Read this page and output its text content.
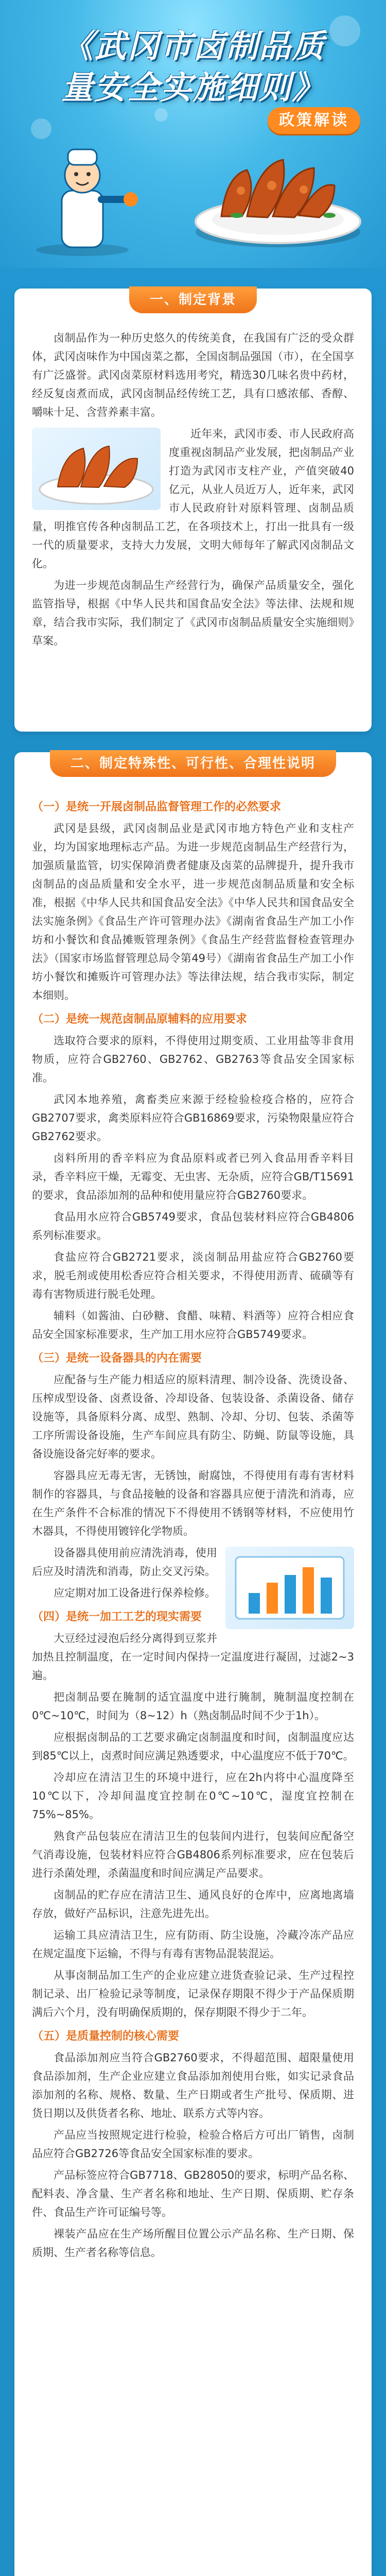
《武冈市卤制品质
量安全实施细则》
政策解读
一、制定背景

卤制品作为一种历史悠久的传统美食，在我国有广泛的受众群体，武冈卤味作为中国卤菜之都，全国卤制品强国（市），在全国享有广泛盛誉。武冈卤菜原材料选用考究，精选30几味名贵中药材，经反复卤煮而成，武冈卤制品经传统工艺，具有口感浓郁、香醇、嚼味十足、含营养素丰富。

近年来，武冈市委、市人民政府高度重视卤制品产业发展，把卤制品产业打造为武冈市支柱产业，产值突破40亿元，从业人员近万人，近年来，武冈市人民政府针对原料管理、卤制品质量，明推官传各种卤制品工艺，在各项技术上，打出一批具有一级一代的质量要求，支持大力发展，文明大师每年了解武冈卤制品文化。

为进一步规范卤制品生产经营行为，确保产品质量安全，强化监管指导，根据《中华人民共和国食品安全法》等法律、法规和规章，结合我市实际，我们制定了《武冈市卤制品质量安全实施细则》草案。

二、制定特殊性、可行性、合理性说明
（一）是统一开展卤制品监督管理工作的必然要求

武冈是县级，武冈卤制品业是武冈市地方特色产业和支柱产业，均为国家地理标志产品。为进一步规范卤制品生产经营行为，加强质量监管，切实保障消费者健康及卤菜的品牌提升，提升我市卤制品的卤品质量和安全水平，进一步规范卤制品质量和安全标准，根据《中华人民共和国食品安全法》《中华人民共和国食品安全法实施条例》《食品生产许可管理办法》《湖南省食品生产加工小作坊和小餐饮和食品摊贩管理条例》《食品生产经营监督检查管理办法》（国家市场监督管理总局令第49号）《湖南省食品生产加工小作坊小餐饮和摊贩许可管理办法》等法律法规，结合我市实际，制定本细则。

（二）是统一规范卤制品原辅料的应用要求

选取符合要求的原料，不得使用过期变质、工业用盐等非食用物质，应符合GB2760、GB2762、GB2763等食品安全国家标准。

武冈本地养殖，禽畜类应来源于经检验检疫合格的，应符合GB2707要求，禽类原料应符合GB16869要求，污染物限量应符合GB2762要求。

卤料所用的香辛料应为食品原料或者已列入食品用香辛料目录，香辛料应干燥，无霉变、无虫害、无杂质，应符合GB/T15691的要求，食品添加剂的品种和使用量应符合GB2760要求。

食品用水应符合GB5749要求，食品包装材料应符合GB4806系列标准要求。

食盐应符合GB2721要求，淡卤制品用盐应符合GB2760要求，脱毛剂或使用松香应符合相关要求，不得使用沥青、硫磺等有毒有害物质进行脱毛处理。

辅料（如酱油、白砂糖、食醋、味精、料酒等）应符合相应食品安全国家标准要求，生产加工用水应符合GB5749要求。

（三）是统一设备器具的内在需要

应配备与生产能力相适应的原料清理、制冷设备、洗烫设备、压榨成型设备、卤煮设备、冷却设备、包装设备、杀菌设备、储存设施等，具备原料分离、成型、熟制、冷却、分切、包装、杀菌等工序所需设备设施，生产车间应具有防尘、防蝇、防鼠等设施，具备设施设备完好率的要求。

容器具应无毒无害，无锈蚀，耐腐蚀，不得使用有毒有害材料制作的容器具，与食品接触的设备和容器具应便于清洗和消毒，应在生产条件不合标准的情况下不得使用不锈钢等材料，不应使用竹木器具，不得使用镀锌化学物质。

设备器具使用前应清洗消毒，使用后应及时清洗和消毒，防止交叉污染。

应定期对加工设备进行保养检修。

（四）是统一加工工艺的现实需要

大豆经过浸泡后经分离得到豆浆并加热且控制温度，在一定时间内保持一定温度进行凝固，过滤2~3遍。

把卤制品要在腌制的适宜温度中进行腌制，腌制温度控制在0℃~10℃，时间为（8~12）h（熟卤制品时间不少于1h）。

应根据卤制品的工艺要求确定卤制温度和时间，卤制温度应达到85℃以上，卤煮时间应满足熟透要求，中心温度应不低于70℃。

冷却应在清洁卫生的环境中进行，应在2h内将中心温度降至10℃以下，冷却间温度宜控制在0℃~10℃，湿度宜控制在75%~85%。

熟食产品包装应在清洁卫生的包装间内进行，包装间应配备空气消毒设施，包装材料应符合GB4806系列标准要求，应在包装后进行杀菌处理，杀菌温度和时间应满足产品要求。

卤制品的贮存应在清洁卫生、通风良好的仓库中，应离地离墙存放，做好产品标识，注意先进先出。

运输工具应清洁卫生，应有防雨、防尘设施，冷藏冷冻产品应在规定温度下运输，不得与有毒有害物品混装混运。

从事卤制品加工生产的企业应建立进货查验记录、生产过程控制记录、出厂检验记录等制度，记录保存期限不得少于产品保质期满后六个月，没有明确保质期的，保存期限不得少于二年。

（五）是质量控制的核心需要

食品添加剂应当符合GB2760要求，不得超范围、超限量使用食品添加剂，生产企业应建立食品添加剂使用台账，如实记录食品添加剂的名称、规格、数量、生产日期或者生产批号、保质期、进货日期以及供货者名称、地址、联系方式等内容。

产品应当按照规定进行检验，检验合格后方可出厂销售，卤制品应符合GB2726等食品安全国家标准的要求。

产品标签应符合GB7718、GB28050的要求，标明产品名称、配料表、净含量、生产者名称和地址、生产日期、保质期、贮存条件、食品生产许可证编号等。

裸装产品应在生产场所醒目位置公示产品名称、生产日期、保质期、生产者名称等信息。
